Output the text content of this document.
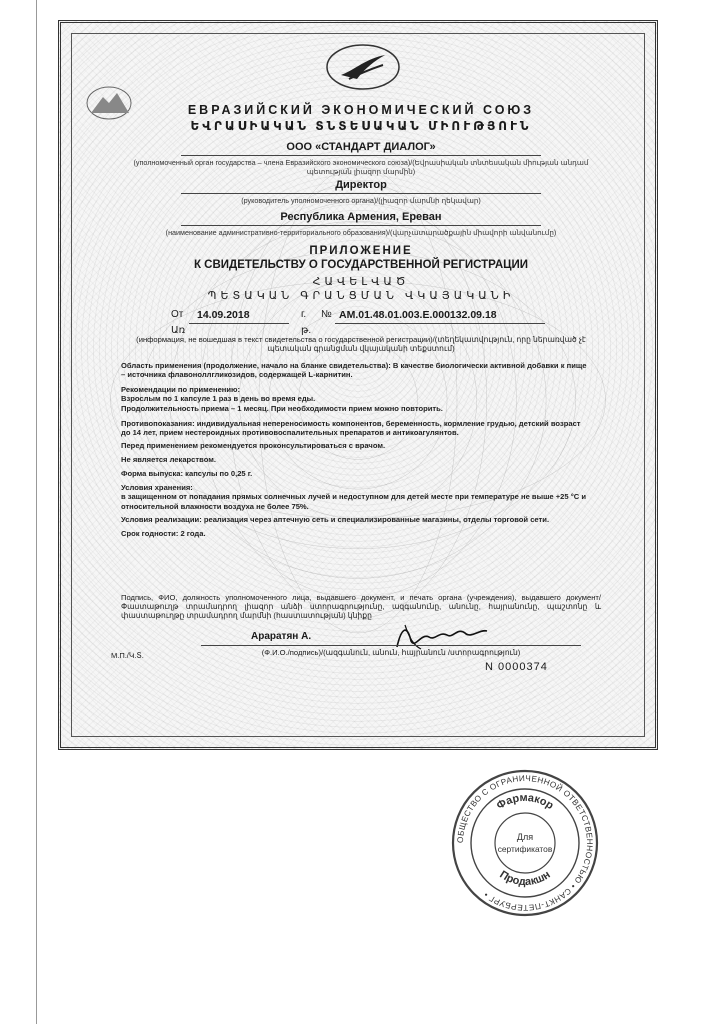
ЕВРАЗИЙСКИЙ ЭКОНОМИЧЕСКИЙ СОЮЗ
ԵՎՐԱՍԻԱԿԱՆ ՏՆՏԵՍԱԿԱՆ ՄԻՈՒԹՅՈՒՆ
ООО «СТАНДАРТ ДИАЛОГ»
(уполномоченный орган государства – члена Евразийского экономического союза)/(Եվրասիական տնտեսական միության անդամ պետության լիազոր մարմին)
Директор
(руководитель уполномоченного органа)/(լիազոր մարմնի ղեկավար)
Республика Армения, Ереван
(наименование административно-территориального образования)/(վարչատարածքային միավորի անվանումը)
ПРИЛОЖЕНИЕ
К СВИДЕТЕЛЬСТВУ О ГОСУДАРСТВЕННОЙ РЕГИСТРАЦИИ
ՀԱՎԵԼՎԱԾ
ՊԵՏԱԿԱՆ ԳՐԱՆՑՄԱՆ ՎԿԱՅԱԿԱՆԻ
От
Առ
14.09.2018	г.
թ.
№ AM.01.48.01.003.E.000132.09.18
(информация, не вошедшая в текст свидетельства о государственной регистрации)/(տեղեկատվություն, որը ներառված չէ պետական գրանցման վկայականի տեքստում)
Область применения (продолжение, начало на бланке свидетельства): В качестве биологически активной добавки к пище – источника флавоноллгликозидов, содержащей L-карнитин.
Рекомендации по применению:
Взрослым по 1 капсуле 1 раз в день во время еды.
Продолжительность приема – 1 месяц. При необходимости прием можно повторить.
Противопоказания: индивидуальная непереносимость компонентов, беременность, кормление грудью, детский возраст до 14 лет, прием нестероидных противовоспалительных препаратов и антикоагулянтов.
Перед применением рекомендуется проконсультироваться с врачом.
Не является лекарством.
Форма выпуска: капсулы по 0,25 г.
Условия хранения:
в защищенном от попадания прямых солнечных лучей и недоступном для детей месте при температуре не выше +25 °С и относительной влажности воздуха не более 75%.
Условия реализации: реализация через аптечную сеть и специализированные магазины, отделы торговой сети.
Срок годности: 2 года.
Подпись, ФИО, должность уполномоченного лица, выдавшего документ, и печать органа (учреждения), выдавшего документ/Փաստաթուղթ տրամադրող լիազոր անձի ստորագրությունը, ազգանունը, անունը, հայրանունը, պաշտոնը և փաստաթուղթը տրամադրող մարմնի (հաստատության) կնիքը
Араратян А.
(Ф.И.О./подпись)/(ազգանուն, անուն, հայրանուն /ստորագրություն)
М.П./Կ.Տ.
N 0000374
ОБЩЕСТВО С ОГРАНИЧЕННОЙ ОТВЕТСТВЕННОСТЬЮ • САНКТ-ПЕТЕРБУРГ •
Фармакор
Продакшн
Для
сертификатов
